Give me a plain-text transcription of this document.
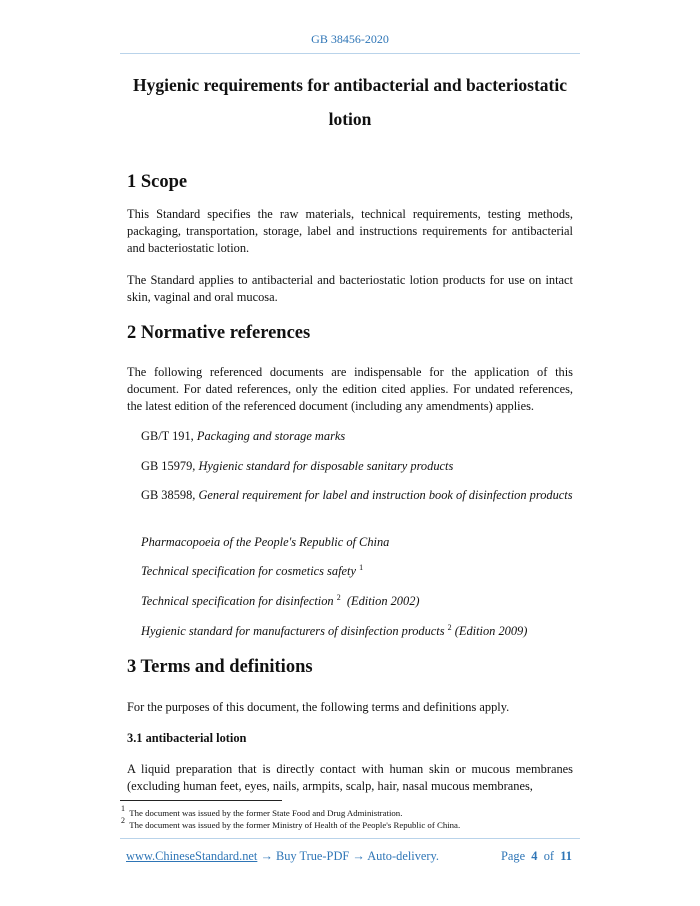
GB 38456-2020
Hygienic requirements for antibacterial and bacteriostatic
lotion
1 Scope
This Standard specifies the raw materials, technical requirements, testing methods, packaging, transportation, storage, label and instructions requirements for antibacterial and bacteriostatic lotion.
The Standard applies to antibacterial and bacteriostatic lotion products for use on intact skin, vaginal and oral mucosa.
2 Normative references
The following referenced documents are indispensable for the application of this document. For dated references, only the edition cited applies. For undated references, the latest edition of the referenced document (including any amendments) applies.
GB/T 191, Packaging and storage marks
GB 15979, Hygienic standard for disposable sanitary products
GB 38598, General requirement for label and instruction book of disinfection products
Pharmacopoeia of the People's Republic of China
Technical specification for cosmetics safety $^1$
Technical specification for disinfection $^2$ (Edition 2002)
Hygienic standard for manufacturers of disinfection products $^2$ (Edition 2009)
3 Terms and definitions
For the purposes of this document, the following terms and definitions apply.
3.1 antibacterial lotion
A liquid preparation that is directly contact with human skin or mucous membranes (excluding human feet, eyes, nails, armpits, scalp, hair, nasal mucous membranes,
$^1$ The document was issued by the former State Food and Drug Administration.
$^2$ The document was issued by the former Ministry of Health of the People's Republic of China.
www.ChineseStandard.net → Buy True-PDF → Auto-delivery.	Page 4 of 11
